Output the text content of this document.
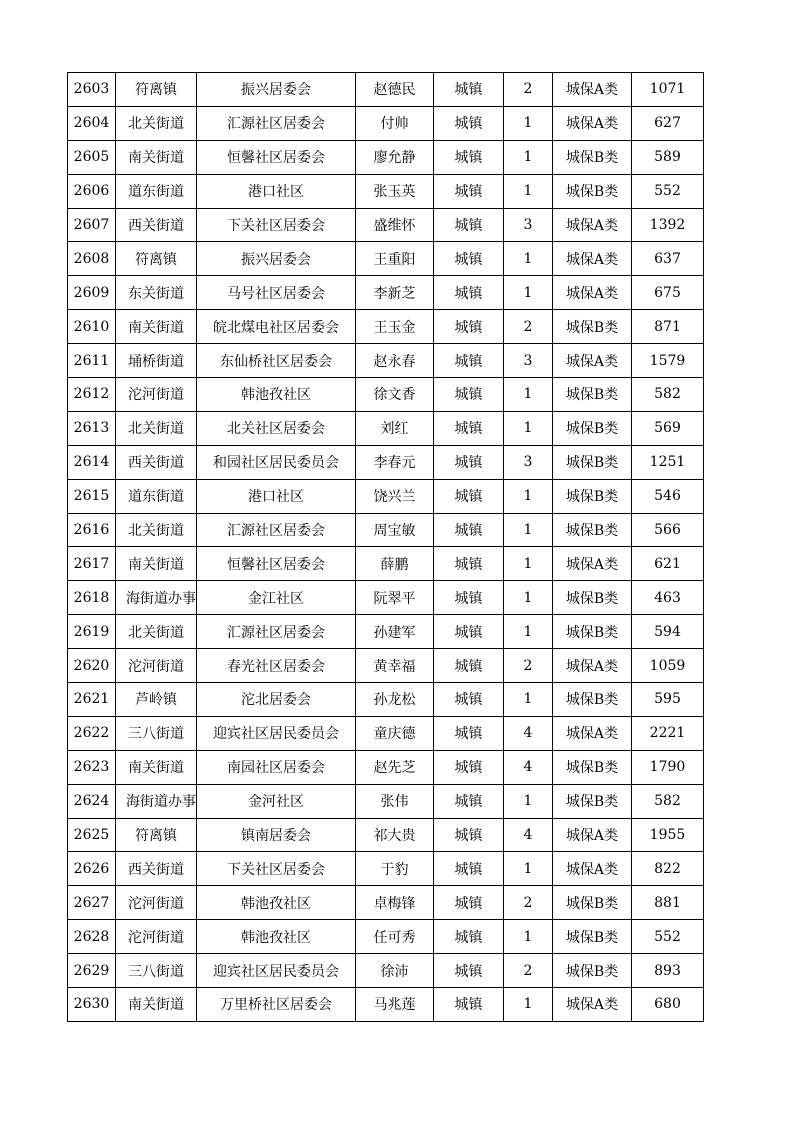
2603	符离镇	振兴居委会	赵德民	城镇	2	城保A类	1071
2604	北关街道	汇源社区居委会	付帅	城镇	1	城保A类	627
2605	南关街道	恒馨社区居委会	廖允静	城镇	1	城保B类	589
2606	道东街道	港口社区	张玉英	城镇	1	城保B类	552
2607	西关街道	下关社区居委会	盛维怀	城镇	3	城保A类	1392
2608	符离镇	振兴居委会	王重阳	城镇	1	城保A类	637
2609	东关街道	马号社区居委会	李新芝	城镇	1	城保A类	675
2610	南关街道	皖北煤电社区居委会	王玉金	城镇	2	城保B类	871
2611	埇桥街道	东仙桥社区居委会	赵永春	城镇	3	城保A类	1579
2612	沱河街道	韩池孜社区	徐文香	城镇	1	城保B类	582
2613	北关街道	北关社区居委会	刘红	城镇	1	城保B类	569
2614	西关街道	和园社区居民委员会	李春元	城镇	3	城保B类	1251
2615	道东街道	港口社区	饶兴兰	城镇	1	城保B类	546
2616	北关街道	汇源社区居委会	周宝敏	城镇	1	城保B类	566
2617	南关街道	恒馨社区居委会	薛鹏	城镇	1	城保A类	621
2618	海街道办事	金江社区	阮翠平	城镇	1	城保B类	463
2619	北关街道	汇源社区居委会	孙建军	城镇	1	城保B类	594
2620	沱河街道	春光社区居委会	黄幸福	城镇	2	城保A类	1059
2621	芦岭镇	沱北居委会	孙龙松	城镇	1	城保B类	595
2622	三八街道	迎宾社区居民委员会	童庆德	城镇	4	城保A类	2221
2623	南关街道	南园社区居委会	赵先芝	城镇	4	城保B类	1790
2624	海街道办事	金河社区	张伟	城镇	1	城保B类	582
2625	符离镇	镇南居委会	祁大贵	城镇	4	城保A类	1955
2626	西关街道	下关社区居委会	于豹	城镇	1	城保A类	822
2627	沱河街道	韩池孜社区	卓梅锋	城镇	2	城保B类	881
2628	沱河街道	韩池孜社区	任可秀	城镇	1	城保B类	552
2629	三八街道	迎宾社区居民委员会	徐沛	城镇	2	城保B类	893
2630	南关街道	万里桥社区居委会	马兆莲	城镇	1	城保A类	680
